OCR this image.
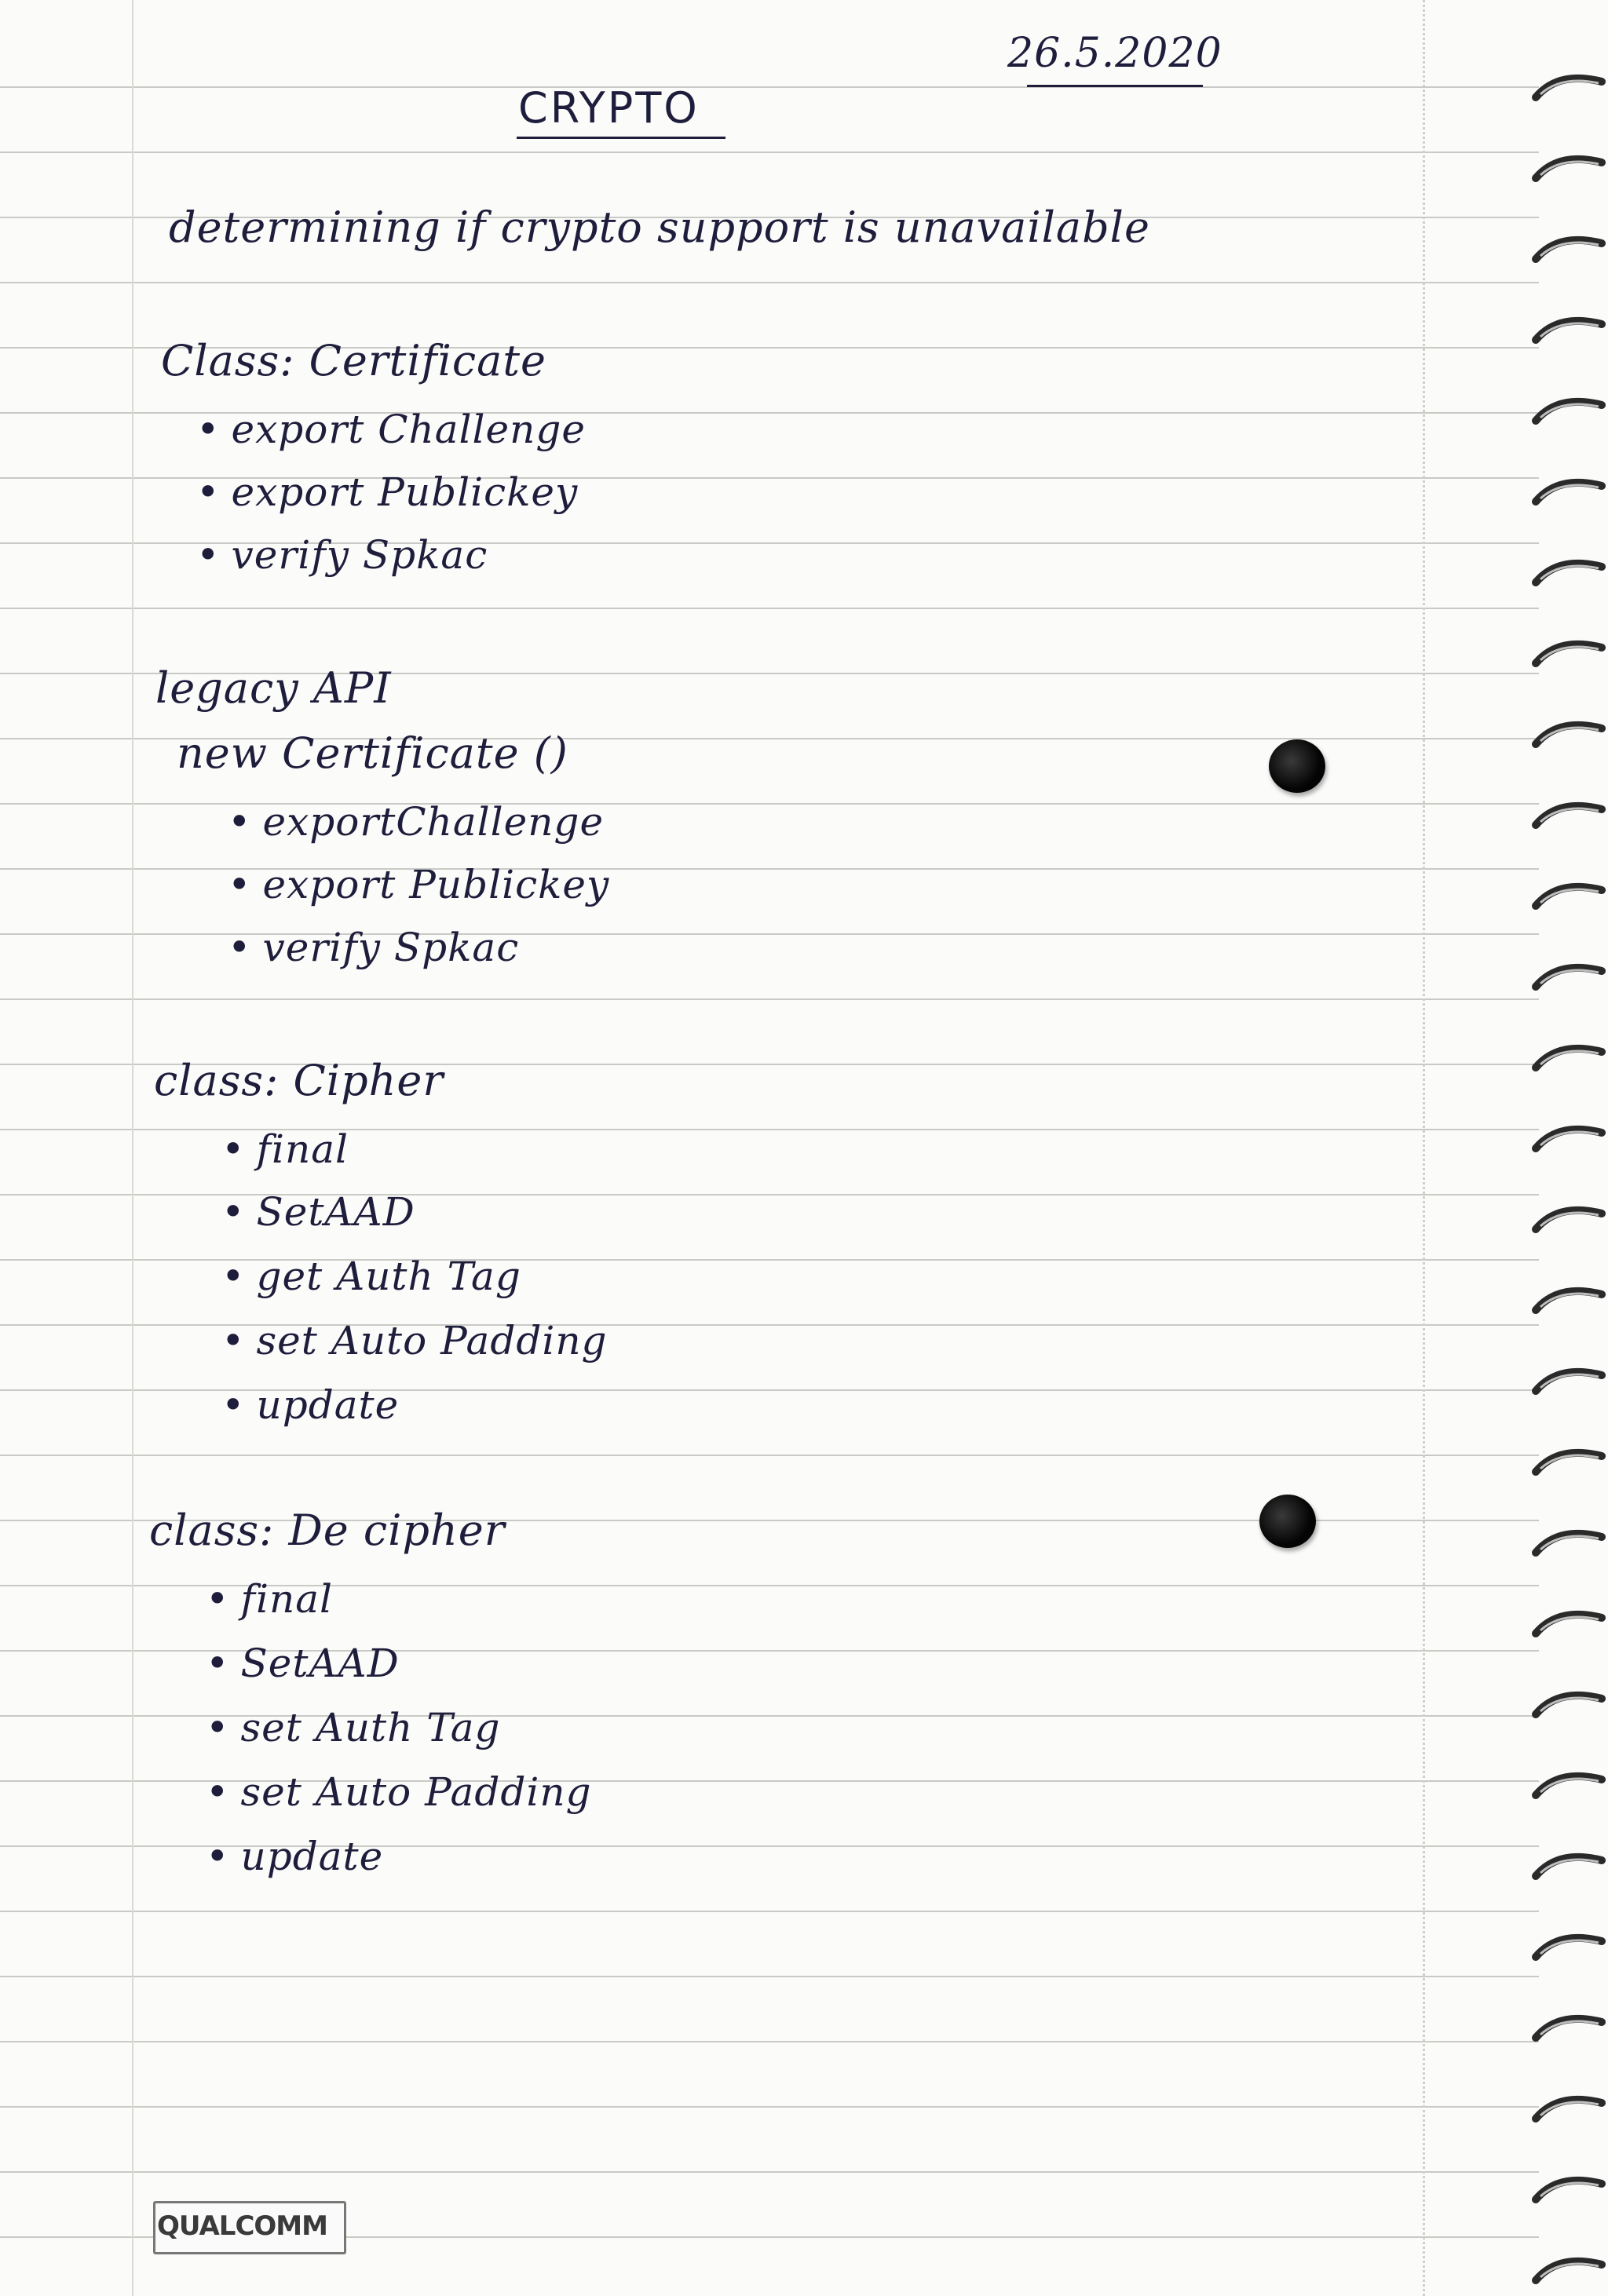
26.5.2020
CRYPTO
determining if crypto support is unavailable
Class: Certificate
• export Challenge
• export Publickey
• verify Spkac
legacy API
new Certificate ()
• exportChallenge
• export Publickey
• verify Spkac
class: Cipher
• final
• SetAAD
• get Auth Tag
• set Auto Padding
• update
class: De cipher
• final
• SetAAD
• set Auth Tag
• set Auto Padding
• update
QUALCOMM
